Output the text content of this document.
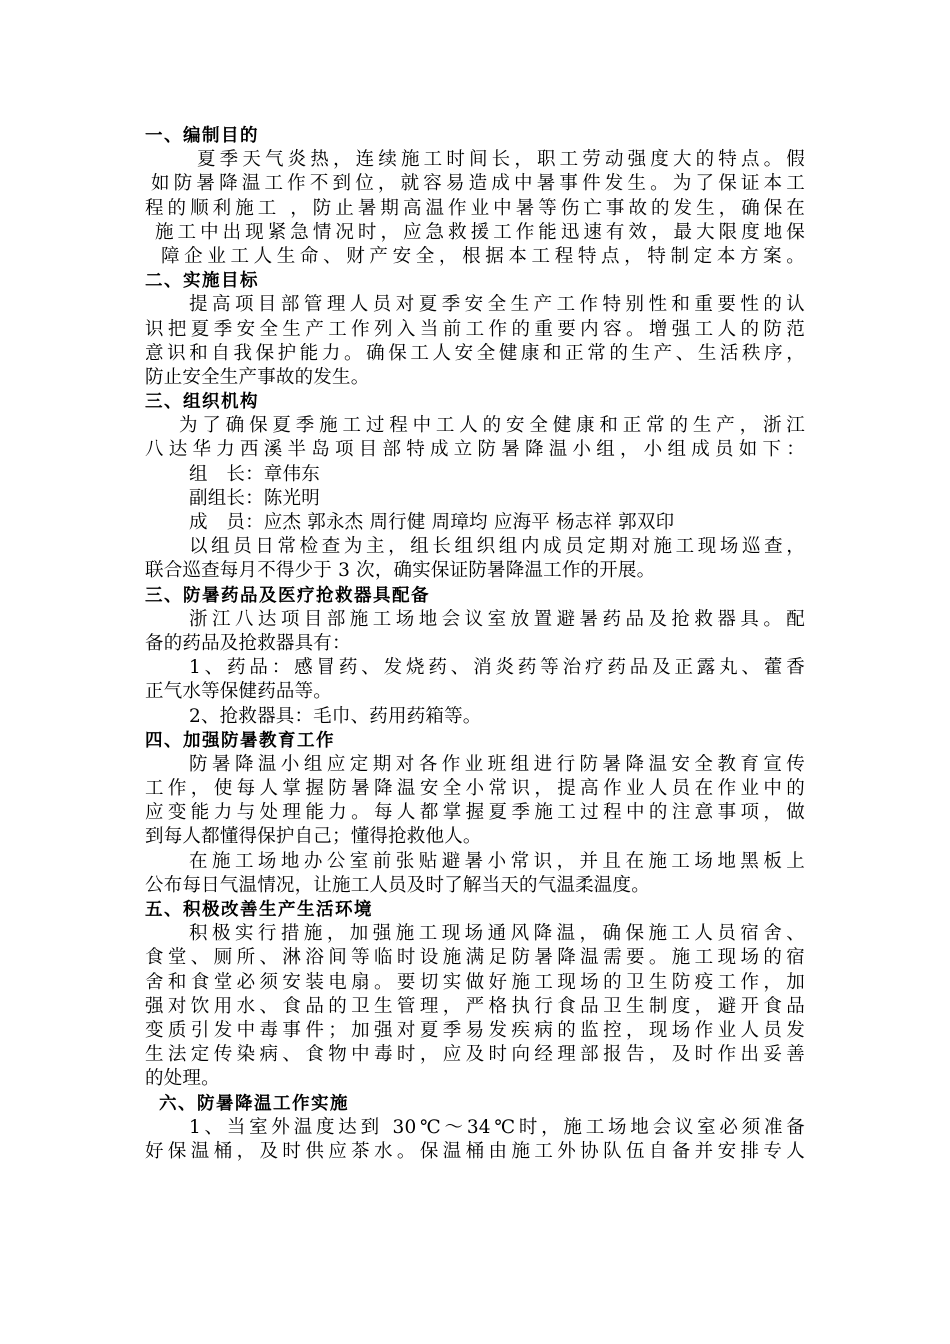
一、编制目的
夏季天气炎热，连续施工时间长，职工劳动强度大的特点。假
如防暑降温工作不到位，就容易造成中暑事件发生。为了保证本工
程的顺利施工 ，防止暑期高温作业中暑等伤亡事故的发生，确保在
施工中出现紧急情况时，应急救援工作能迅速有效，最大限度地保
障企业工人生命、财产安全，根据本工程特点，特制定本方案。
二、实施目标
提高项目部管理人员对夏季安全生产工作特别性和重要性的认
识把夏季安全生产工作列入当前工作的重要内容。增强工人的防范
意识和自我保护能力。确保工人安全健康和正常的生产、生活秩序，
防止安全生产事故的发生。
三、组织机构
为了确保夏季施工过程中工人的安全健康和正常的生产，浙江
八达华力西溪半岛项目部特成立防暑降温小组，小组成员如下：
组　长：章伟东
副组长：陈光明
成　员：应杰 郭永杰 周行健 周璋均 应海平 杨志祥 郭双印
以组员日常检查为主，组长组织组内成员定期对施工现场巡查，
联合巡查每月不得少于 3 次，确实保证防暑降温工作的开展。
三、防暑药品及医疗抢救器具配备
浙江八达项目部施工场地会议室放置避暑药品及抢救器具。配
备的药品及抢救器具有：
1、药品：感冒药、发烧药、消炎药等治疗药品及正露丸、藿香
正气水等保健药品等。
2、抢救器具：毛巾、药用药箱等。
四、加强防暑教育工作
防暑降温小组应定期对各作业班组进行防暑降温安全教育宣传
工作，使每人掌握防暑降温安全小常识，提高作业人员在作业中的
应变能力与处理能力。每人都掌握夏季施工过程中的注意事项，做
到每人都懂得保护自己；懂得抢救他人。
在施工场地办公室前张贴避暑小常识，并且在施工场地黑板上
公布每日气温情况，让施工人员及时了解当天的气温柔温度。
五、积极改善生产生活环境
积极实行措施，加强施工现场通风降温，确保施工人员宿舍、
食堂、厕所、淋浴间等临时设施满足防暑降温需要。施工现场的宿
舍和食堂必须安装电扇。要切实做好施工现场的卫生防疫工作，加
强对饮用水、食品的卫生管理，严格执行食品卫生制度，避开食品
变质引发中毒事件；加强对夏季易发疾病的监控，现场作业人员发
生法定传染病、食物中毒时，应及时向经理部报告，及时作出妥善
的处理。
六、防暑降温工作实施
1、当室外温度达到 30℃～34℃时，施工场地会议室必须准备
好保温桶，及时供应茶水。保温桶由施工外协队伍自备并安排专人
